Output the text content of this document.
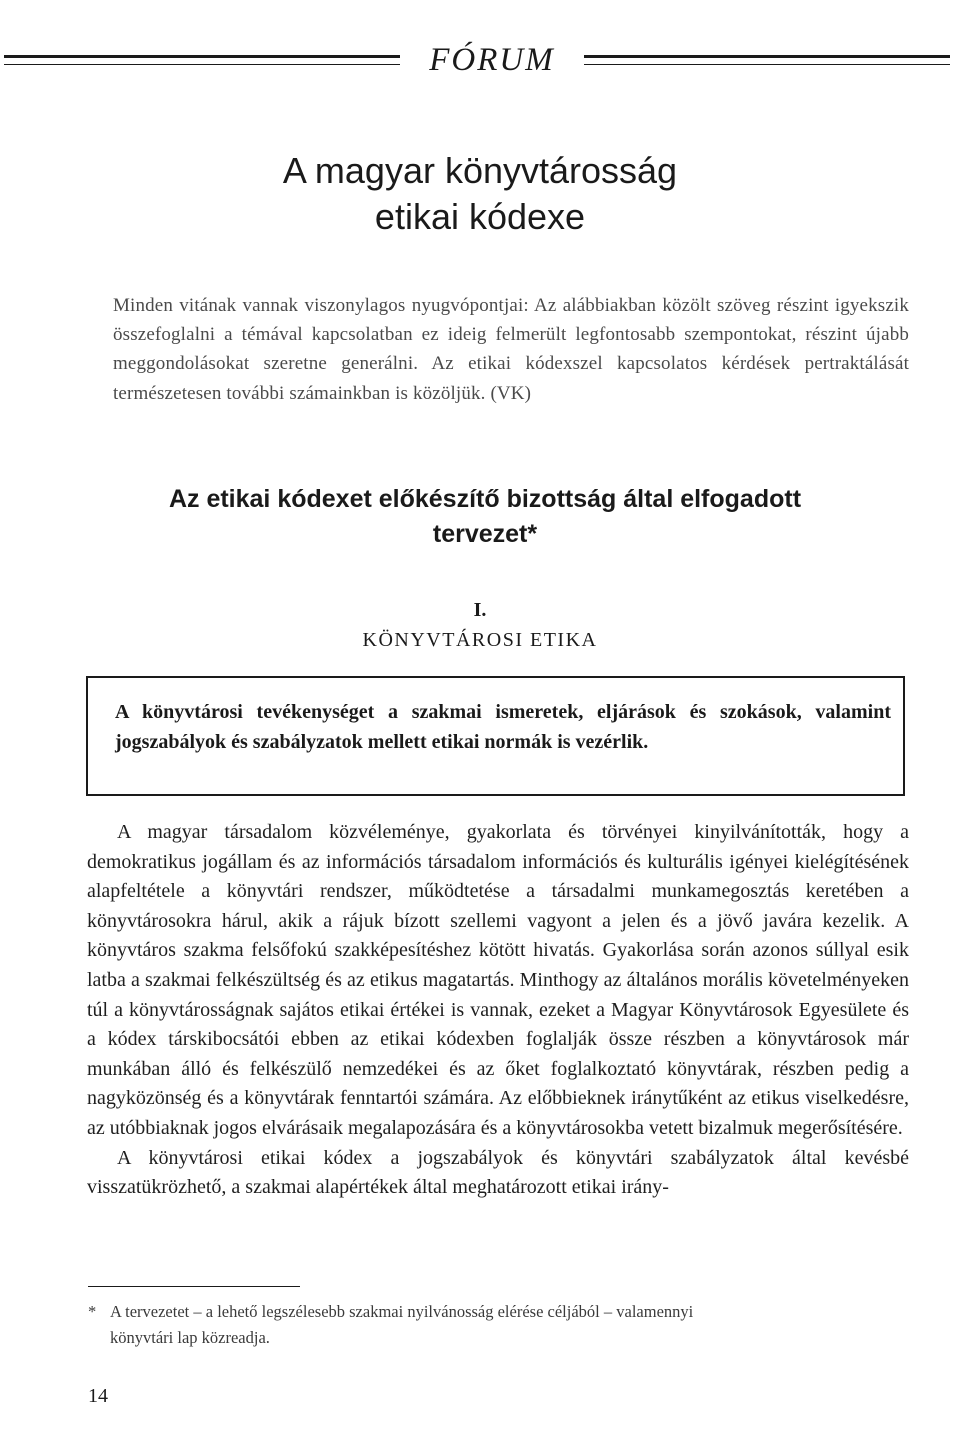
FÓRUM
A magyar könyvtárosság
etikai kódexe
Minden vitának vannak viszonylagos nyugvópontjai: Az alábbiakban közölt szöveg részint igyekszik összefoglalni a témával kapcsolatban ez ideig felmerült legfontosabb szempontokat, részint újabb meggondolásokat szeretne generálni. Az etikai kódexszel kapcsolatos kérdések pertraktálását természetesen további számainkban is közöljük. (VK)
Az etikai kódexet előkészítő bizottság által elfogadott
tervezet*
I.
KÖNYVTÁROSI ETIKA
A könyvtárosi tevékenységet a szakmai ismeretek, eljárások és szokások, valamint jogszabályok és szabályzatok mellett etikai normák is vezérlik.

A magyar társadalom közvéleménye, gyakorlata és törvényei kinyilvánították, hogy a demokratikus jogállam és az információs társadalom információs és kulturális igényei kielégítésének alapfeltétele a könyvtári rendszer, működtetése a társadalmi munkamegosztás keretében a könyvtárosokra hárul, akik a rájuk bízott szellemi vagyont a jelen és a jövő javára kezelik. A könyvtáros szakma felsőfokú szakképesítéshez kötött hivatás. Gyakorlása során azonos súllyal esik latba a szakmai felkészültség és az etikus magatartás. Minthogy az általános morális követelményeken túl a könyvtárosságnak sajátos etikai értékei is vannak, ezeket a Magyar Könyvtárosok Egyesülete és a kódex társkibocsátói ebben az etikai kódexben foglalják össze részben a könyvtárosok már munkában álló és felkészülő nemzedékei és az őket foglalkoztató könyvtárak, részben pedig a nagyközönség és a könyvtárak fenntartói számára. Az előbbieknek iránytűként az etikus viselkedésre, az utóbbiaknak jogos elvárásaik megalapozására és a könyvtárosokba vetett bizalmuk megerősítésére.

A könyvtárosi etikai kódex a jogszabályok és könyvtári szabályzatok által kevésbé visszatükrözhető, a szakmai alapértékek által meghatározott etikai irány-

* A tervezetet – a lehető legszélesebb szakmai nyilvánosság elérése céljából – valamennyi
könyvtári lap közreadja.
14
